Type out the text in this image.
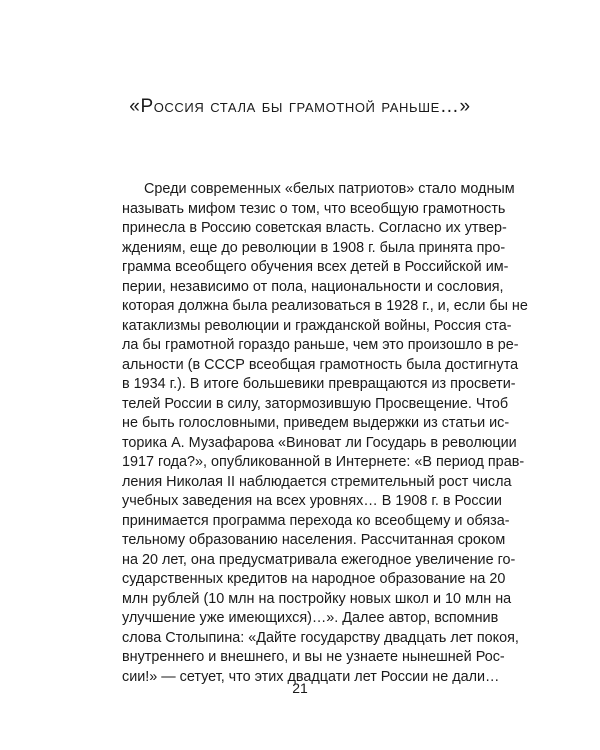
«Россия стала бы грамотной раньше…»
Среди современных «белых патриотов» стало модным
называть мифом тезис о том, что всеобщую грамотность
принесла в Россию советская власть. Согласно их утвер-
ждениям, еще до революции в 1908 г. была принята про-
грамма всеобщего обучения всех детей в Российской им-
перии, независимо от пола, национальности и сословия,
которая должна была реализоваться в 1928 г., и, если бы не
катаклизмы революции и гражданской войны, Россия ста-
ла бы грамотной гораздо раньше, чем это произошло в ре-
альности (в СССР всеобщая грамотность была достигнута
в 1934 г.). В итоге большевики превращаются из просвети-
телей России в силу, затормозившую Просвещение. Чтоб
не быть голословными, приведем выдержки из статьи ис-
торика А. Музафарова «Виноват ли Государь в революции
1917 года?», опубликованной в Интернете: «В период прав-
ления Николая II наблюдается стремительный рост числа
учебных заведения на всех уровнях… В 1908 г. в России
принимается программа перехода ко всеобщему и обяза-
тельному образованию населения. Рассчитанная сроком
на 20 лет, она предусматривала ежегодное увеличение го-
сударственных кредитов на народное образование на 20
млн рублей (10 млн на постройку новых школ и 10 млн на
улучшение уже имеющихся)…». Далее автор, вспомнив
слова Столыпина: «Дайте государству двадцать лет покоя,
внутреннего и внешнего, и вы не узнаете нынешней Рос-
сии!» — сетует, что этих двадцати лет России не дали…

21
